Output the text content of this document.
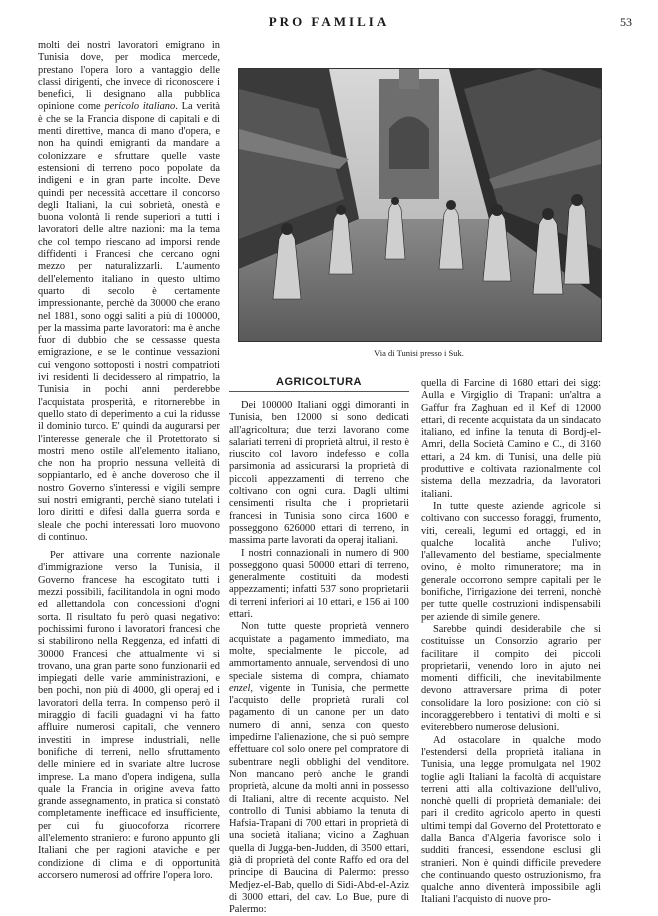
PRO FAMILIA	53

molti dei nostri lavoratori emigrano in Tunisia dove, per modica mercede, prestano l'opera loro a vantaggio delle classi dirigenti, che invece di riconoscere i benefici, li designano alla pubblica opinione come pericolo italiano. La verità è che se la Francia dispone di capitali e di menti direttive, manca di mano d'opera, e non ha quindi emigranti da mandare a colonizzare e sfruttare quelle vaste estensioni di terreno poco popolate da indigeni e in gran parte incolte. Deve quindi per necessità accettare il concorso degli Italiani, la cui sobrietà, onestà e buona volontà li rende superiori a tutti i lavoratori delle altre nazioni: ma la tema che col tempo riescano ad imporsi rende diffidenti i Francesi che cercano ogni mezzo per naturalizzarli. L'aumento dell'elemento italiano in questo ultimo quarto di secolo è certamente impressionante, perchè da 30000 che erano nel 1881, sono oggi saliti a più di 100000, per la massima parte lavoratori: ma è anche fuor di dubbio che se cessasse questa emigrazione, e se le continue vessazioni cui vengono sottoposti i nostri compatrioti ivi residenti li decidessero al rimpatrio, la Tunisia in pochi anni perderebbe l'acquistata prosperità, e ritornerebbe in quello stato di deperimento a cui la ridusse il dominio turco. E' quindi da augurarsi per l'interesse generale che il Protettorato si mostri meno ostile all'elemento italiano, che non ha proprio nessuna velleità di soppiantarlo, ed è anche doveroso che il nostro Governo s'interessi e vigili sempre sui nostri emigranti, perchè siano tutelati i loro diritti e difesi dalla guerra sorda e sleale che pochi interessati loro muovono di continuo.

Per attivare una corrente nazionale d'immigrazione verso la Tunisia, il Governo francese ha escogitato tutti i mezzi possibili, facilitandola in ogni modo ed allettandola con concessioni d'ogni sorta. Il risultato fu però quasi negativo: pochissimi furono i lavoratori francesi che si stabilirono nella Reggenza, ed infatti di 30000 Francesi che attualmente vi si trovano, una gran parte sono funzionarii ed impiegati delle varie amministrazioni, e ben pochi, non più di 4000, gli operaj ed i lavoratori della terra. In compenso però il miraggio di facili guadagni vi ha fatto affluire numerosi capitali, che vennero investiti in imprese industriali, nelle bonifiche di terreni, nello sfruttamento delle miniere ed in svariate altre lucrose imprese. La mano d'opera indigena, sulla quale la Francia in origine aveva fatto grande assegnamento, in pratica si constatò completamente inefficace ed insufficiente, per cui fu giuocoforza ricorrere all'elemento straniero: e furono appunto gli Italiani che per ragioni ataviche e per condizione di clima e di opportunità accorsero numerosi ad offrire l'opera loro.

Via di Tunisi presso i Suk.
AGRICOLTURA

Dei 100000 Italiani oggi dimoranti in Tunisia, ben 12000 si sono dedicati all'agricoltura; due terzi lavorano come salariati terreni di proprietà altrui, il resto è riuscito col lavoro indefesso e colla parsimonia ad assicurarsi la proprietà di piccoli appezzamenti di terreno che coltivano con ogni cura. Dagli ultimi censimenti risulta che i proprietarii francesi in Tunisia sono circa 1600 e posseggono 626000 ettari di terreno, in massima parte lavorati da operaj italiani.

I nostri connazionali in numero di 900 posseggono quasi 50000 ettari di terreno, generalmente costituiti da modesti appezzamenti; infatti 537 sono proprietarii di terreni inferiori ai 10 ettari, e 156 ai 100 ettari.

Non tutte queste proprietà vennero acquistate a pagamento immediato, ma molte, specialmente le piccole, ad ammortamento annuale, servendosi di uno speciale sistema di compra, chiamato enzel, vigente in Tunisia, che permette l'acquisto delle proprietà rurali col pagamento di un canone per un dato numero di anni, senza con questo impedirne l'alienazione, che si può sempre effettuare col solo onere pel compratore di subentrare negli obblighi del venditore. Non mancano però anche le grandi proprietà, alcune da molti anni in possesso di Italiani, altre di recente acquisto. Nel controllo di Tunisi abbiamo la tenuta di Hafsia-Trapani di 700 ettari in proprietà di una società italiana; vicino a Zaghuan quella di Jugga-ben-Judden, di 3500 ettari, già di proprietà del conte Raffo ed ora del principe di Baucina di Palermo: presso Medjez-el-Bab, quello di Sidi-Abd-el-Aziz di 3000 ettari, del cav. Lo Bue, pure di Palermo:

quella di Farcine di 1680 ettari dei sigg: Aulla e Virgiglio di Trapani: un'altra a Gaffur fra Zaghuan ed il Kef di 12000 ettari, di recente acquistata da un sindacato italiano, ed infine la tenuta di Bordj-el-Amri, della Società Camino e C., di 3160 ettari, a 24 km. di Tunisi, una delle più produttive e coltivata razionalmente col sistema della mezzadria, da lavoratori italiani.

In tutte queste aziende agricole si coltivano con successo foraggi, frumento, viti, cereali, legumi ed ortaggi, ed in qualche località anche l'ulivo; l'allevamento del bestiame, specialmente ovino, è molto rimuneratore; ma in generale occorrono sempre capitali per le bonifiche, l'irrigazione dei terreni, nonchè per tutte quelle costruzioni indispensabili per aziende di simile genere.

Sarebbe quindi desiderabile che si costituisse un Consorzio agrario per facilitare il compito dei piccoli proprietarii, venendo loro in ajuto nei momenti difficili, che inevitabilmente devono attraversare prima di poter consolidare la loro posizione: con ciò si incoraggerebbero i tentativi di molti e si eviterebbero numerose delusioni.

Ad ostacolare in qualche modo l'estendersi della proprietà italiana in Tunisia, una legge promulgata nel 1902 toglie agli Italiani la facoltà di acquistare terreni atti alla coltivazione dell'ulivo, nonchè quelli di proprietà demaniale: dei pari il credito agricolo aperto in questi ultimi tempi dal Governo del Protettorato e dalla Banca d'Algeria favorisce solo i sudditi francesi, essendone esclusi gli stranieri. Non è quindi difficile prevedere che continuando questo ostruzionismo, fra qualche anno diventerà impossibile agli Italiani l'acquisto di nuove pro-
